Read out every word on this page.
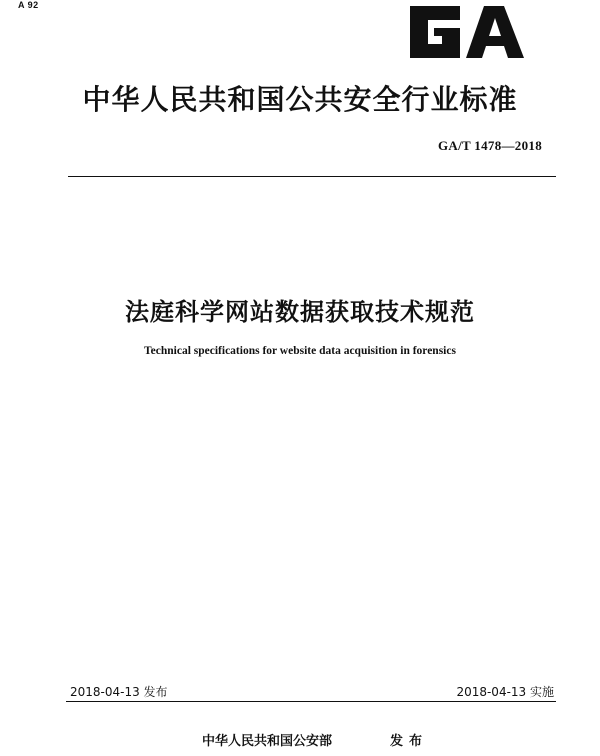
A 92
中华人民共和国公共安全行业标准
GA/T 1478—2018
法庭科学网站数据获取技术规范
Technical specifications for website data acquisition in forensics
2018-04-13 发布	2018-04-13 实施
中华人民共和国公安部	发布
